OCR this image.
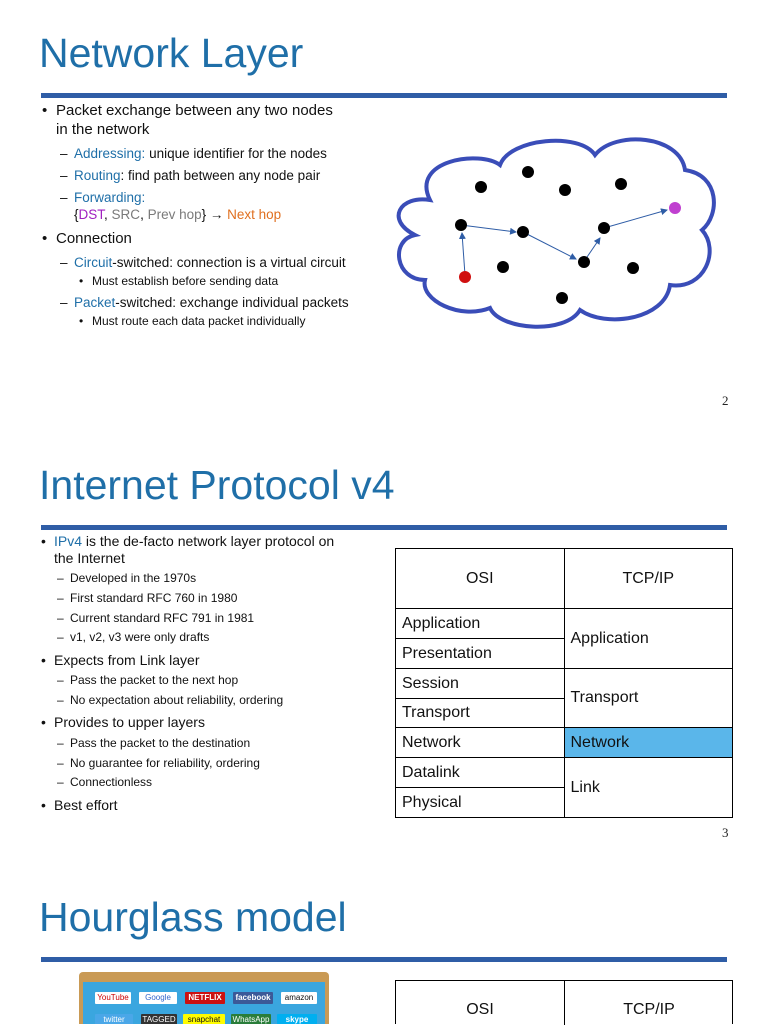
Network Layer
• Packet exchange between any two nodes
in the network
– Addressing: unique identifier for the nodes
– Routing: find path between any node pair
– Forwarding:
{DST, SRC, Prev hop} → Next hop
• Connection
– Circuit-switched: connection is a virtual circuit
• Must establish before sending data
– Packet-switched: exchange individual packets
• Must route each data packet individually
2
Internet Protocol v4
• IPv4 is the de-facto network layer protocol on
the Internet
– Developed in the 1970s
– First standard RFC 760 in 1980
– Current standard RFC 791 in 1981
– v1, v2, v3 were only drafts
• Expects from Link layer
– Pass the packet to the next hop
– No expectation about reliability, ordering
• Provides to upper layers
– Pass the packet to the destination
– No guarantee for reliability, ordering
– Connectionless
• Best effort
OSI	TCP/IP
Application	Application
Presentation	
Session	Transport
Transport	
Network	Network
Datalink	Link
Physical	
3
Hourglass model
YouTube	Google	NETFLIX	facebook	amazon
twitter	TAGGED	snapchat	WhatsApp	skype
OSI	TCP/IP
